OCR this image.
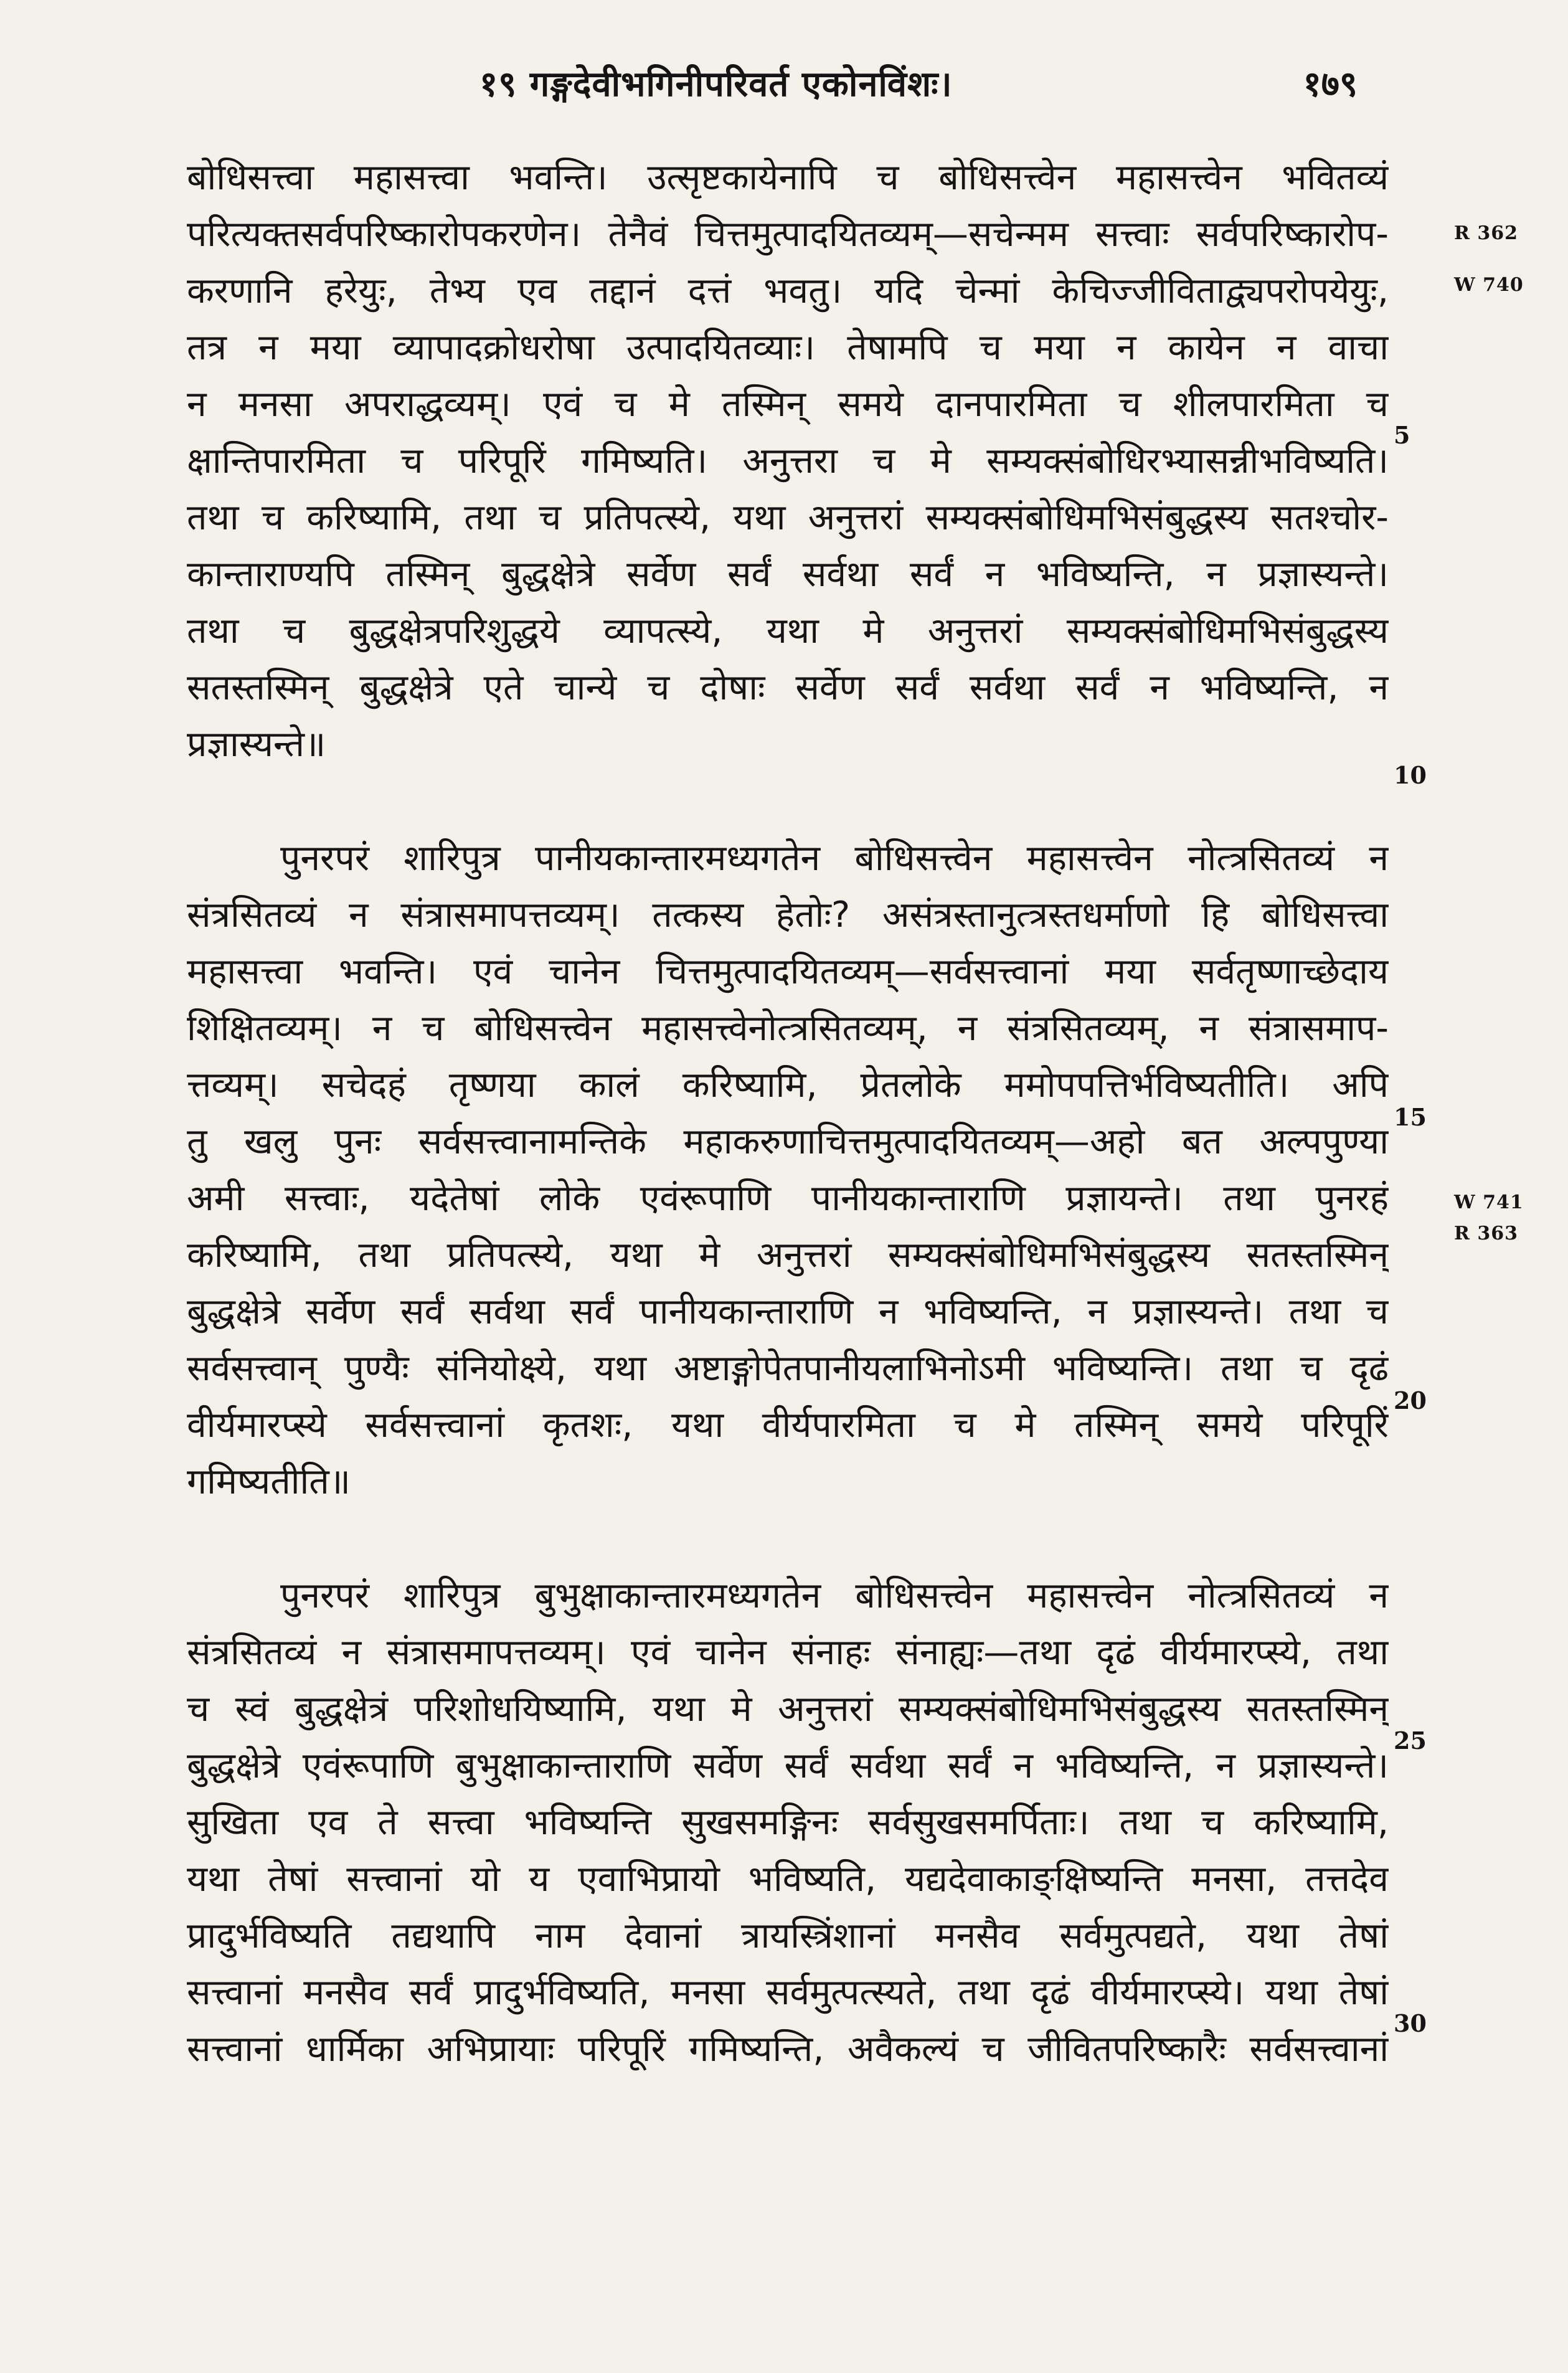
१९ गङ्गदेवीभगिनीपरिवर्त एकोनविंशः।	१७९
बोधिसत्त्वा महासत्त्वा भवन्ति। उत्सृष्टकायेनापि च बोधिसत्त्वेन महासत्त्वेन भवितव्यं
परित्यक्तसर्वपरिष्कारोपकरणेन। तेनैवं चित्तमुत्पादयितव्यम्—सचेन्मम सत्त्वाः सर्वपरिष्कारोप-
करणानि हरेयुः, तेभ्य एव तद्दानं दत्तं भवतु। यदि चेन्मां केचिज्जीविताद्व्यपरोपयेयुः,
तत्र न मया व्यापादक्रोधरोषा उत्पादयितव्याः। तेषामपि च मया न कायेन न वाचा
न मनसा अपराद्धव्यम्। एवं च मे तस्मिन् समये दानपारमिता च शीलपारमिता च
क्षान्तिपारमिता च परिपूरिं गमिष्यति। अनुत्तरा च मे सम्यक्संबोधिरभ्यासन्नीभविष्यति।
तथा च करिष्यामि, तथा च प्रतिपत्स्ये, यथा अनुत्तरां सम्यक्संबोधिमभिसंबुद्धस्य सतश्चोर-
कान्ताराण्यपि तस्मिन् बुद्धक्षेत्रे सर्वेण सर्वं सर्वथा सर्वं न भविष्यन्ति, न प्रज्ञास्यन्ते।
तथा च बुद्धक्षेत्रपरिशुद्धये व्यापत्स्ये, यथा मे अनुत्तरां सम्यक्संबोधिमभिसंबुद्धस्य
सतस्तस्मिन् बुद्धक्षेत्रे एते चान्ये च दोषाः सर्वेण सर्वं सर्वथा सर्वं न भविष्यन्ति, न
प्रज्ञास्यन्ते॥
पुनरपरं शारिपुत्र पानीयकान्तारमध्यगतेन बोधिसत्त्वेन महासत्त्वेन नोत्त्रसितव्यं न
संत्रसितव्यं न संत्रासमापत्तव्यम्। तत्कस्य हेतोः? असंत्रस्तानुत्त्रस्तधर्माणो हि बोधिसत्त्वा
महासत्त्वा भवन्ति। एवं चानेन चित्तमुत्पादयितव्यम्—सर्वसत्त्वानां मया सर्वतृष्णाच्छेदाय
शिक्षितव्यम्। न च बोधिसत्त्वेन महासत्त्वेनोत्त्रसितव्यम्, न संत्रसितव्यम्, न संत्रासमाप-
त्तव्यम्। सचेदहं तृष्णया कालं करिष्यामि, प्रेतलोके ममोपपत्तिर्भविष्यतीति। अपि
तु खलु पुनः सर्वसत्त्वानामन्तिके महाकरुणाचित्तमुत्पादयितव्यम्—अहो बत अल्पपुण्या
अमी सत्त्वाः, यदेतेषां लोके एवंरूपाणि पानीयकान्ताराणि प्रज्ञायन्ते। तथा पुनरहं
करिष्यामि, तथा प्रतिपत्स्ये, यथा मे अनुत्तरां सम्यक्संबोधिमभिसंबुद्धस्य सतस्तस्मिन्
बुद्धक्षेत्रे सर्वेण सर्वं सर्वथा सर्वं पानीयकान्ताराणि न भविष्यन्ति, न प्रज्ञास्यन्ते। तथा च
सर्वसत्त्वान् पुण्यैः संनियोक्ष्ये, यथा अष्टाङ्गोपेतपानीयलाभिनोऽमी भविष्यन्ति। तथा च दृढं
वीर्यमारप्स्ये सर्वसत्त्वानां कृतशः, यथा वीर्यपारमिता च मे तस्मिन् समये परिपूरिं
गमिष्यतीति॥
पुनरपरं शारिपुत्र बुभुक्षाकान्तारमध्यगतेन बोधिसत्त्वेन महासत्त्वेन नोत्त्रसितव्यं न
संत्रसितव्यं न संत्रासमापत्तव्यम्। एवं चानेन संनाहः संनाह्यः—तथा दृढं वीर्यमारप्स्ये, तथा
च स्वं बुद्धक्षेत्रं परिशोधयिष्यामि, यथा मे अनुत्तरां सम्यक्संबोधिमभिसंबुद्धस्य सतस्तस्मिन्
बुद्धक्षेत्रे एवंरूपाणि बुभुक्षाकान्ताराणि सर्वेण सर्वं सर्वथा सर्वं न भविष्यन्ति, न प्रज्ञास्यन्ते।
सुखिता एव ते सत्त्वा भविष्यन्ति सुखसमङ्गिनः सर्वसुखसमर्पिताः। तथा च करिष्यामि,
यथा तेषां सत्त्वानां यो य एवाभिप्रायो भविष्यति, यद्यदेवाकाङ्क्षिष्यन्ति मनसा, तत्तदेव
प्रादुर्भविष्यति तद्यथापि नाम देवानां त्रायस्त्रिंशानां मनसैव सर्वमुत्पद्यते, यथा तेषां
सत्त्वानां मनसैव सर्वं प्रादुर्भविष्यति, मनसा सर्वमुत्पत्स्यते, तथा दृढं वीर्यमारप्स्ये। यथा तेषां
सत्त्वानां धार्मिका अभिप्रायाः परिपूरिं गमिष्यन्ति, अवैकल्यं च जीवितपरिष्कारैः सर्वसत्त्वानां
5
10
15
20
25
30
R 362
W 740
W 741
R 363
